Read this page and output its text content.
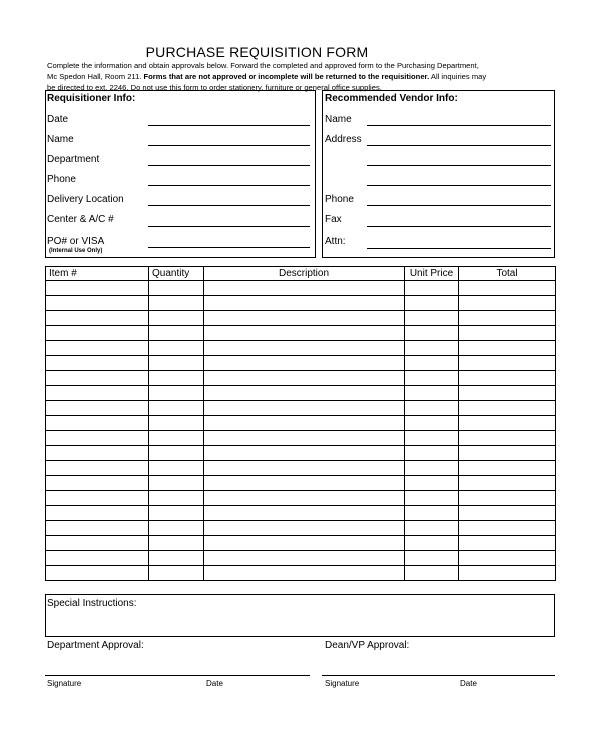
PURCHASE REQUISITION FORM
Complete the information and obtain approvals below. Forward the completed and approved form to the Purchasing Department,
Mc Spedon Hall, Room 211. Forms that are not approved or incomplete will be returned to the requisitioner. All inquiries may
be directed to ext. 2246. Do not use this form to order stationery, furniture or general office supplies.
Requisitioner Info:
Date
Name
Department
Phone
Delivery Location
Center & A/C #
PO# or VISA
(Internal Use Only)
Recommended Vendor Info:
Name
Address
Phone
Fax
Attn:
Item #	Quantity	Description	Unit Price	Total

Special Instructions:
Department Approval:
Signature	Date
Dean/VP Approval:
Signature	Date
